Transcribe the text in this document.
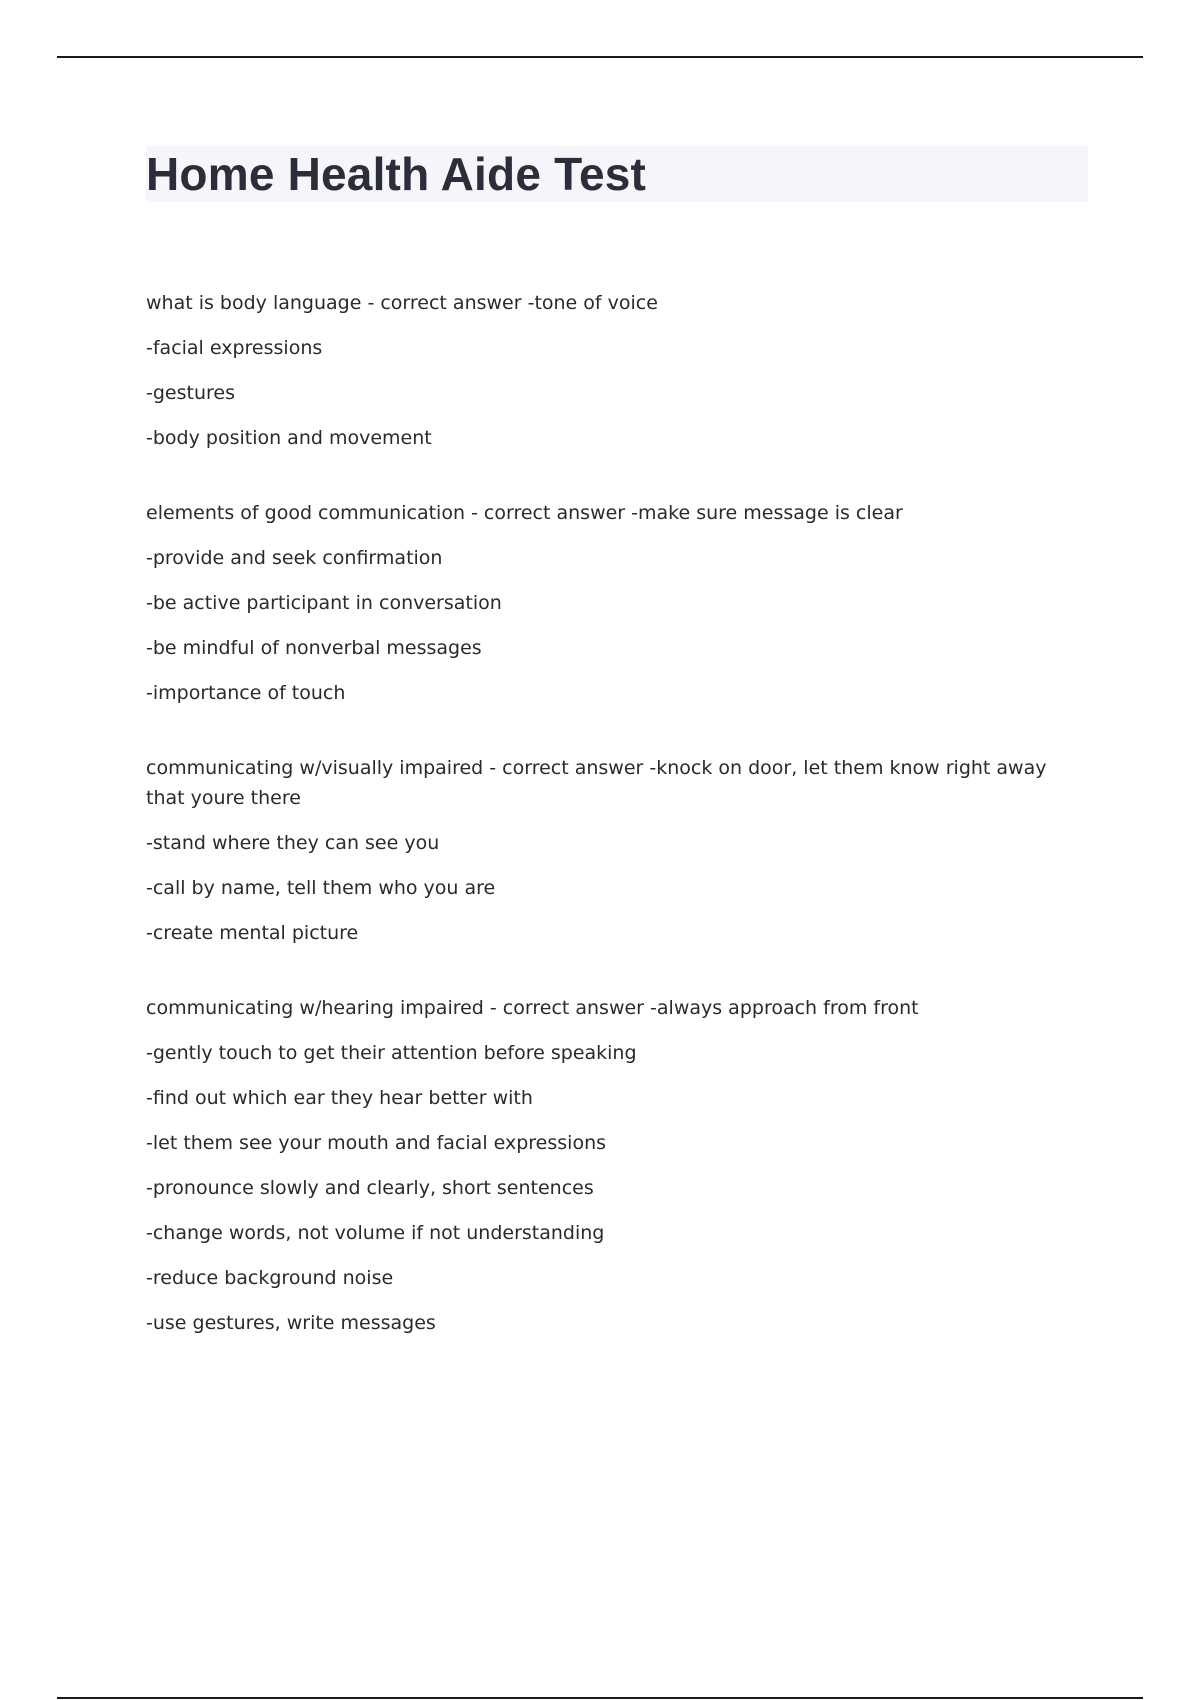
Home Health Aide Test

what is body language - correct answer -tone of voice

-facial expressions

-gestures

-body position and movement

elements of good communication - correct answer -make sure message is clear

-provide and seek confirmation

-be active participant in conversation

-be mindful of nonverbal messages

-importance of touch

communicating w/visually impaired - correct answer -knock on door, let them know right away that youre there

-stand where they can see you

-call by name, tell them who you are

-create mental picture

communicating w/hearing impaired - correct answer -always approach from front

-gently touch to get their attention before speaking

-find out which ear they hear better with

-let them see your mouth and facial expressions

-pronounce slowly and clearly, short sentences

-change words, not volume if not understanding

-reduce background noise

-use gestures, write messages
